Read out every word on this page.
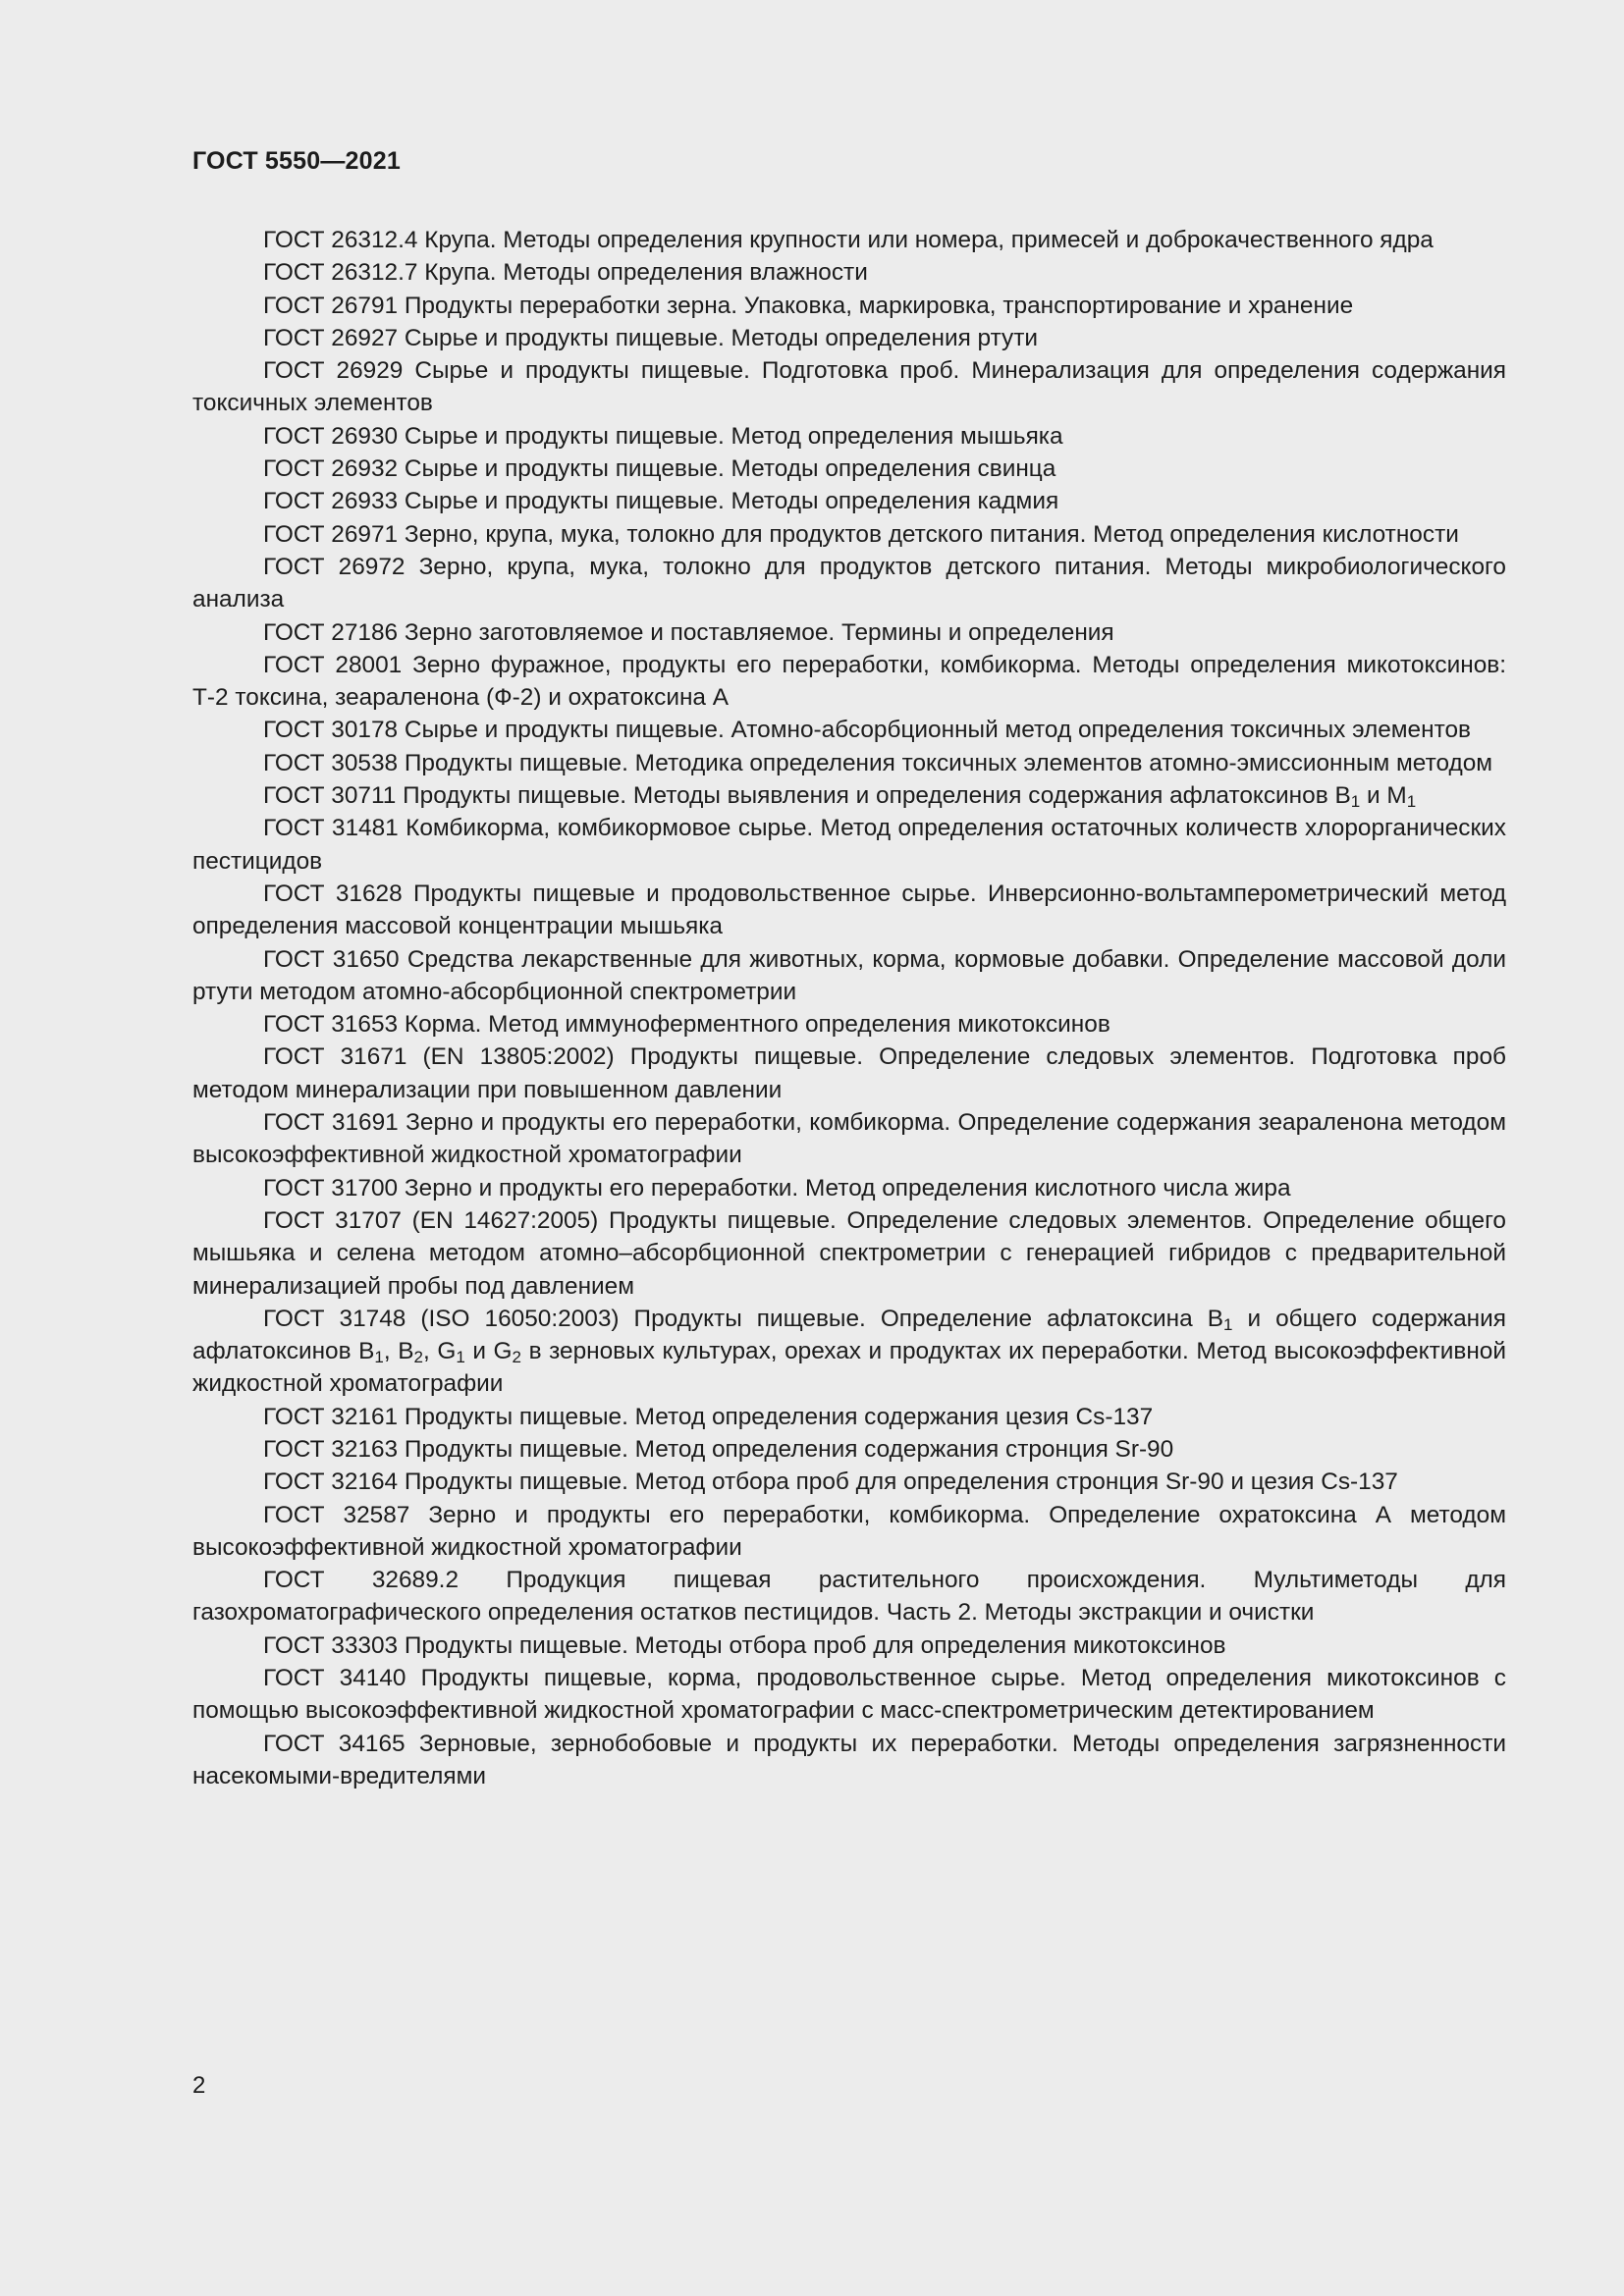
ГОСТ 5550—2021
ГОСТ 26312.4 Крупа. Методы определения крупности или номера, примесей и доброкачественного ядра
ГОСТ 26312.7 Крупа. Методы определения влажности
ГОСТ 26791 Продукты переработки зерна. Упаковка, маркировка, транспортирование и хранение
ГОСТ 26927 Сырье и продукты пищевые. Методы определения ртути
ГОСТ 26929 Сырье и продукты пищевые. Подготовка проб. Минерализация для определения содержания токсичных элементов
ГОСТ 26930 Сырье и продукты пищевые. Метод определения мышьяка
ГОСТ 26932 Сырье и продукты пищевые. Методы определения свинца
ГОСТ 26933 Сырье и продукты пищевые. Методы определения кадмия
ГОСТ 26971 Зерно, крупа, мука, толокно для продуктов детского питания. Метод определения кислотности
ГОСТ 26972 Зерно, крупа, мука, толокно для продуктов детского питания. Методы микробиологического анализа
ГОСТ 27186 Зерно заготовляемое и поставляемое. Термины и определения
ГОСТ 28001 Зерно фуражное, продукты его переработки, комбикорма. Методы определения микотоксинов: Т-2 токсина, зеараленона (Ф-2) и охратоксина А
ГОСТ 30178 Сырье и продукты пищевые. Атомно-абсорбционный метод определения токсичных элементов
ГОСТ 30538 Продукты пищевые. Методика определения токсичных элементов атомно-эмиссионным методом
ГОСТ 30711 Продукты пищевые. Методы выявления и определения содержания афлатоксинов $В_1$ и $М_1$
ГОСТ 31481 Комбикорма, комбикормовое сырье. Метод определения остаточных количеств хлорорганических пестицидов
ГОСТ 31628 Продукты пищевые и продовольственное сырье. Инверсионно-вольтамперометрический метод определения массовой концентрации мышьяка
ГОСТ 31650 Средства лекарственные для животных, корма, кормовые добавки. Определение массовой доли ртути методом атомно-абсорбционной спектрометрии
ГОСТ 31653 Корма. Метод иммуноферментного определения микотоксинов
ГОСТ 31671 (EN 13805:2002) Продукты пищевые. Определение следовых элементов. Подготовка проб методом минерализации при повышенном давлении
ГОСТ 31691 Зерно и продукты его переработки, комбикорма. Определение содержания зеараленона методом высокоэффективной жидкостной хроматографии
ГОСТ 31700 Зерно и продукты его переработки. Метод определения кислотного числа жира
ГОСТ 31707 (EN 14627:2005) Продукты пищевые. Определение следовых элементов. Определение общего мышьяка и селена методом атомно–абсорбционной спектрометрии с генерацией гибридов с предварительной минерализацией пробы под давлением
ГОСТ 31748 (ISO 16050:2003) Продукты пищевые. Определение афлатоксина $В_1$ и общего содержания афлатоксинов $В_1$, $В_2$, $G_1$ и $G_2$ в зерновых культурах, орехах и продуктах их переработки. Метод высокоэффективной жидкостной хроматографии
ГОСТ 32161 Продукты пищевые. Метод определения содержания цезия Cs-137
ГОСТ 32163 Продукты пищевые. Метод определения содержания стронция Sr-90
ГОСТ 32164 Продукты пищевые. Метод отбора проб для определения стронция Sr-90 и цезия Cs-137
ГОСТ 32587 Зерно и продукты его переработки, комбикорма. Определение охратоксина А методом высокоэффективной жидкостной хроматографии
ГОСТ 32689.2 Продукция пищевая растительного происхождения. Мультиметоды для газохроматографического определения остатков пестицидов. Часть 2. Методы экстракции и очистки
ГОСТ 33303 Продукты пищевые. Методы отбора проб для определения микотоксинов
ГОСТ 34140 Продукты пищевые, корма, продовольственное сырье. Метод определения микотоксинов с помощью высокоэффективной жидкостной хроматографии с масс-спектрометрическим детектированием
ГОСТ 34165 Зерновые, зернобобовые и продукты их переработки. Методы определения загрязненности насекомыми-вредителями
2
